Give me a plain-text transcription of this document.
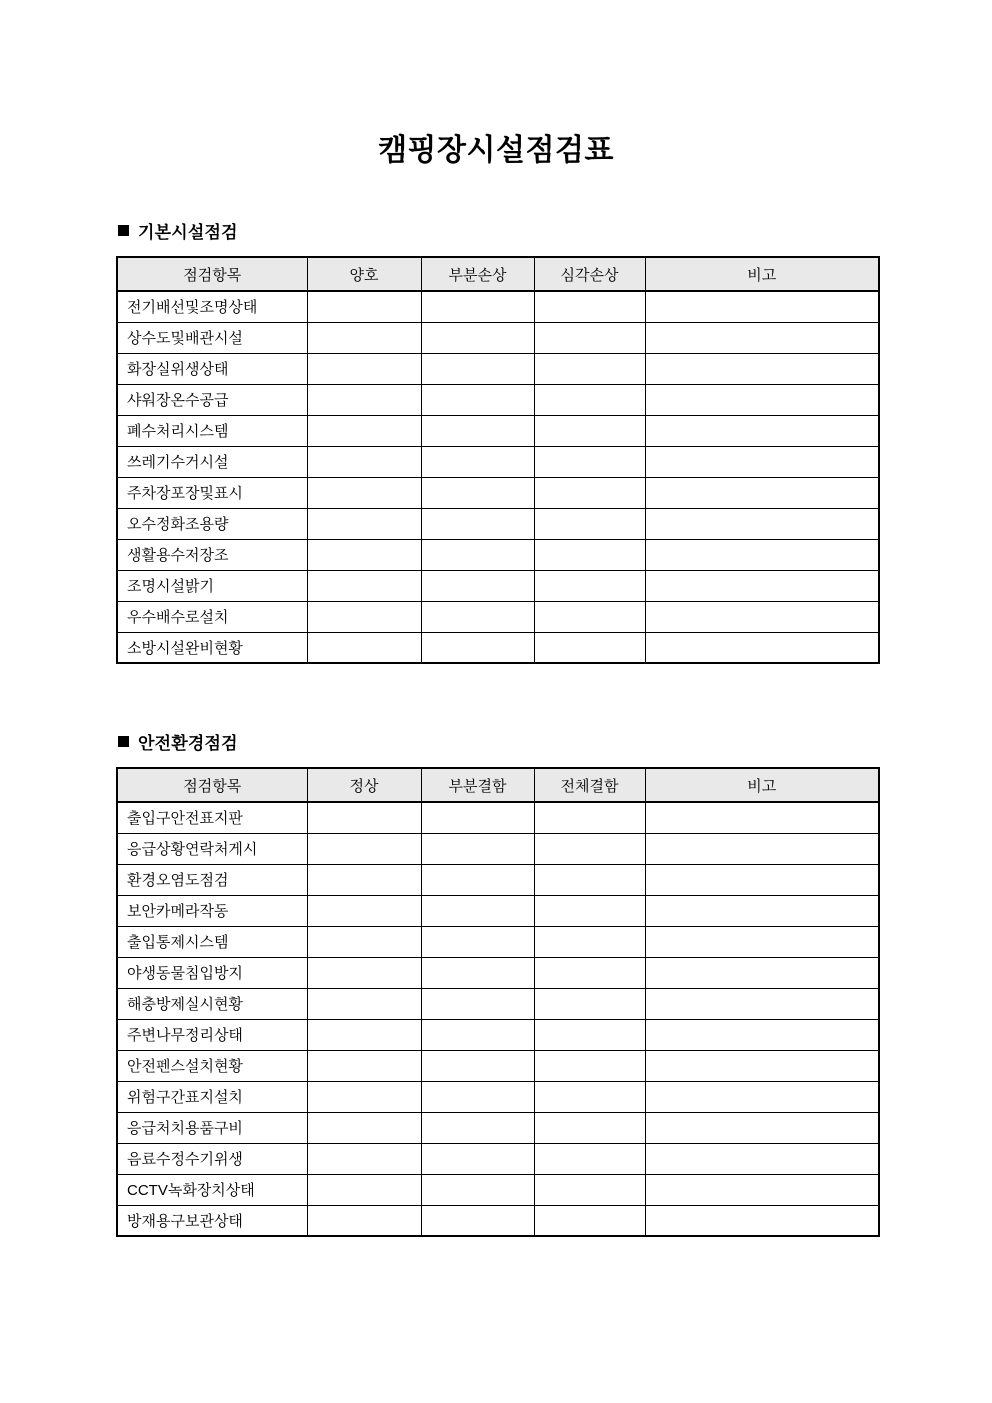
캠핑장시설점검표
기본시설점검
점검항목	양호	부분손상	심각손상	비고
전기배선및조명상태				
상수도및배관시설				
화장실위생상태				
샤워장온수공급				
폐수처리시스템				
쓰레기수거시설				
주차장포장및표시				
오수정화조용량				
생활용수저장조				
조명시설밝기				
우수배수로설치				
소방시설완비현황				
안전환경점검
점검항목	정상	부분결함	전체결함	비고
출입구안전표지판				
응급상황연락처게시				
환경오염도점검				
보안카메라작동				
출입통제시스템				
야생동물침입방지				
해충방제실시현황				
주변나무정리상태				
안전펜스설치현황				
위험구간표지설치				
응급처치용품구비				
음료수정수기위생				
CCTV녹화장치상태				
방재용구보관상태				
